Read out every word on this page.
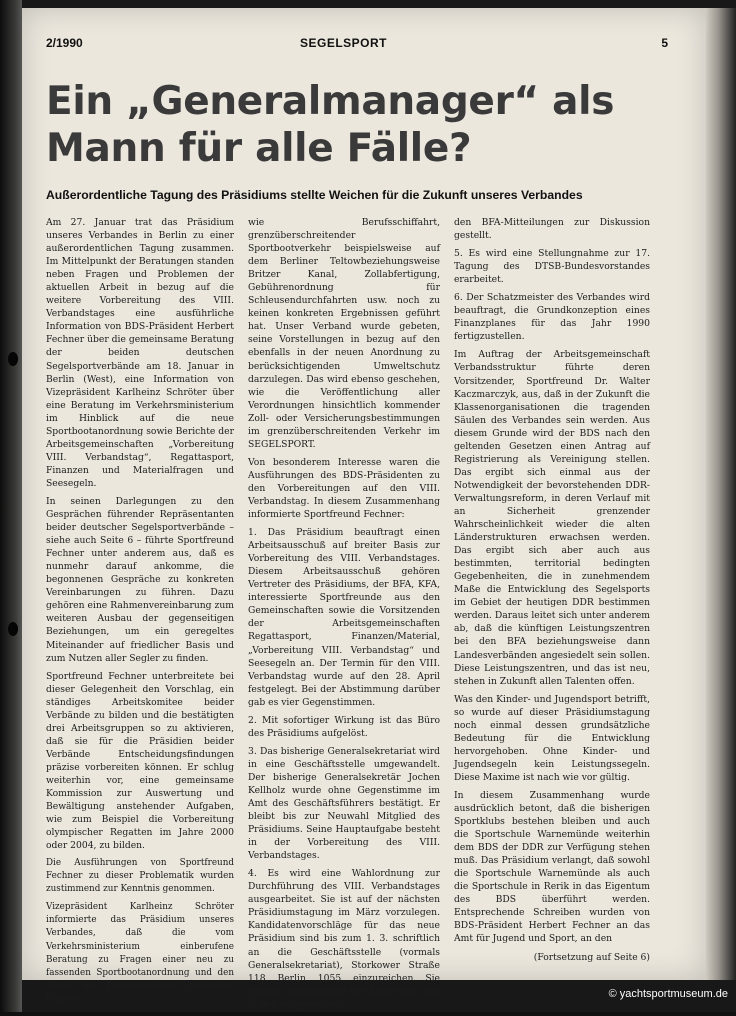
2/1990	SEGELSPORT	5
Ein „Generalmanager“ als
Mann für alle Fälle?
Außerordentliche Tagung des Präsidiums stellte Weichen für die Zukunft unseres Verbandes

Am 27. Januar trat das Präsidium unseres Verbandes in Berlin zu einer außerordentlichen Tagung zusammen. Im Mittelpunkt der Beratungen standen neben Fragen und Problemen der aktuellen Arbeit in bezug auf die weitere Vorbereitung des VIII. Verbandstages eine ausführliche Information von BDS-Präsident Herbert Fechner über die gemeinsame Beratung der beiden deutschen Segelsportverbände am 18. Januar in Berlin (West), eine Information von Vizepräsident Karlheinz Schröter über eine Beratung im Verkehrsministerium im Hinblick auf die neue Sportbootanordnung sowie Berichte der Arbeitsgemeinschaften „Vorbereitung VIII. Verbandstag“, Regattasport, Finanzen und Materialfragen und Seesegeln.

In seinen Darlegungen zu den Gesprächen führender Repräsentanten beider deutscher Segelsportverbände – siehe auch Seite 6 – führte Sportfreund Fechner unter anderem aus, daß es nunmehr darauf ankomme, die begonnenen Gespräche zu konkreten Vereinbarungen zu führen. Dazu gehören eine Rahmenvereinbarung zum weiteren Ausbau der gegenseitigen Beziehungen, um ein geregeltes Miteinander auf friedlicher Basis und zum Nutzen aller Segler zu finden.

Sportfreund Fechner unterbreitete bei dieser Gelegenheit den Vorschlag, ein ständiges Arbeitskomitee beider Verbände zu bilden und die bestätigten drei Arbeitsgruppen so zu aktivieren, daß sie für die Präsidien beider Verbände Entscheidungsfindungen präzise vorbereiten können. Er schlug weiterhin vor, eine gemeinsame Kommission zur Auswertung und Bewältigung anstehender Aufgaben, wie zum Beispiel die Vorbereitung olympischer Regatten im Jahre 2000 oder 2004, zu bilden.

Die Ausführungen von Sportfreund Fechner zu dieser Problematik wurden zustimmend zur Kenntnis genommen.

Vizepräsident Karlheinz Schröter informierte das Präsidium unseres Verbandes, daß die vom Verkehrsministerium einberufene Beratung zu Fragen einer neu zu fassenden Sportbootanordnung und den damit im Zusammenhang stehenden Fragen

wie Berufsschiffahrt, grenzüberschreitender Sportbootverkehr beispielsweise auf dem Berliner Teltowbeziehungsweise Britzer Kanal, Zollabfertigung, Gebührenordnung für Schleusendurchfahrten usw. noch zu keinen konkreten Ergebnissen geführt hat. Unser Verband wurde gebeten, seine Vorstellungen in bezug auf den ebenfalls in der neuen Anordnung zu berücksichtigenden Umweltschutz darzulegen. Das wird ebenso geschehen, wie die Veröffentlichung aller Verordnungen hinsichtlich kommender Zoll- oder Versicherungsbestimmungen im grenzüberschreitenden Verkehr im SEGELSPORT.

Von besonderem Interesse waren die Ausführungen des BDS-Präsidenten zu den Vorbereitungen auf den VIII. Verbandstag. In diesem Zusammenhang informierte Sportfreund Fechner:

1. Das Präsidium beauftragt einen Arbeitsausschuß auf breiter Basis zur Vorbereitung des VIII. Verbandstages. Diesem Arbeitsausschuß gehören Vertreter des Präsidiums, der BFA, KFA, interessierte Sportfreunde aus den Gemeinschaften sowie die Vorsitzenden der Arbeitsgemeinschaften Regattasport, Finanzen/Material, „Vorbereitung VIII. Verbandstag“ und Seesegeln an. Der Termin für den VIII. Verbandstag wurde auf den 28. April festgelegt. Bei der Abstimmung darüber gab es vier Gegenstimmen.

2. Mit sofortiger Wirkung ist das Büro des Präsidiums aufgelöst.

3. Das bisherige Generalsekretariat wird in eine Geschäftsstelle umgewandelt. Der bisherige Generalsekretär Jochen Kellholz wurde ohne Gegenstimme im Amt des Geschäftsführers bestätigt. Er bleibt bis zur Neuwahl Mitglied des Präsidiums. Seine Hauptaufgabe besteht in der Vorbereitung des VIII. Verbandstages.

4. Es wird eine Wahlordnung zur Durchführung des VIII. Verbandstages ausgearbeitet. Sie ist auf der nächsten Präsidiumstagung im März vorzulegen. Kandidatenvorschläge für das neue Präsidium sind bis zum 1. 3. schriftlich an die Geschäftsstelle (vormals Generalsekretariat), Storkower Straße 118, Berlin, 1055, einzureichen. Sie werden dann infolge der Kürze der Zeit in den entsprechen-

den BFA-Mitteilungen zur Diskussion gestellt.

5. Es wird eine Stellungnahme zur 17. Tagung des DTSB-Bundesvorstandes erarbeitet.

6. Der Schatzmeister des Verbandes wird beauftragt, die Grundkonzeption eines Finanzplanes für das Jahr 1990 fertigzustellen.

Im Auftrag der Arbeitsgemeinschaft Verbandsstruktur führte deren Vorsitzender, Sportfreund Dr. Walter Kaczmarczyk, aus, daß in der Zukunft die Klassenorganisationen die tragenden Säulen des Verbandes sein werden. Aus diesem Grunde wird der BDS nach den geltenden Gesetzen einen Antrag auf Registrierung als Vereinigung stellen. Das ergibt sich einmal aus der Notwendigkeit der bevorstehenden DDR-Verwaltungsreform, in deren Verlauf mit an Sicherheit grenzender Wahrscheinlichkeit wieder die alten Länderstrukturen erwachsen werden. Das ergibt sich aber auch aus bestimmten, territorial bedingten Gegebenheiten, die in zunehmendem Maße die Entwicklung des Segelsports im Gebiet der heutigen DDR bestimmen werden. Daraus leitet sich unter anderem ab, daß die künftigen Leistungszentren bei den BFA beziehungsweise dann Landesverbänden angesiedelt sein sollen. Diese Leistungszentren, und das ist neu, stehen in Zukunft allen Talenten offen.

Was den Kinder- und Jugendsport betrifft, so wurde auf dieser Präsidiumstagung noch einmal dessen grundsätzliche Bedeutung für die Entwicklung hervorgehoben. Ohne Kinder- und Jugendsegeln kein Leistungssegeln. Diese Maxime ist nach wie vor gültig.

In diesem Zusammenhang wurde ausdrücklich betont, daß die bisherigen Sportklubs bestehen bleiben und auch die Sportschule Warnemünde weiterhin dem BDS der DDR zur Verfügung stehen muß. Das Präsidium verlangt, daß sowohl die Sportschule Warnemünde als auch die Sportschule in Rerik in das Eigentum des BDS überführt werden. Entsprechende Schreiben wurden von BDS-Präsident Herbert Fechner an das Amt für Jugend und Sport, an den

(Fortsetzung auf Seite 6)

© yachtsportmuseum.de
